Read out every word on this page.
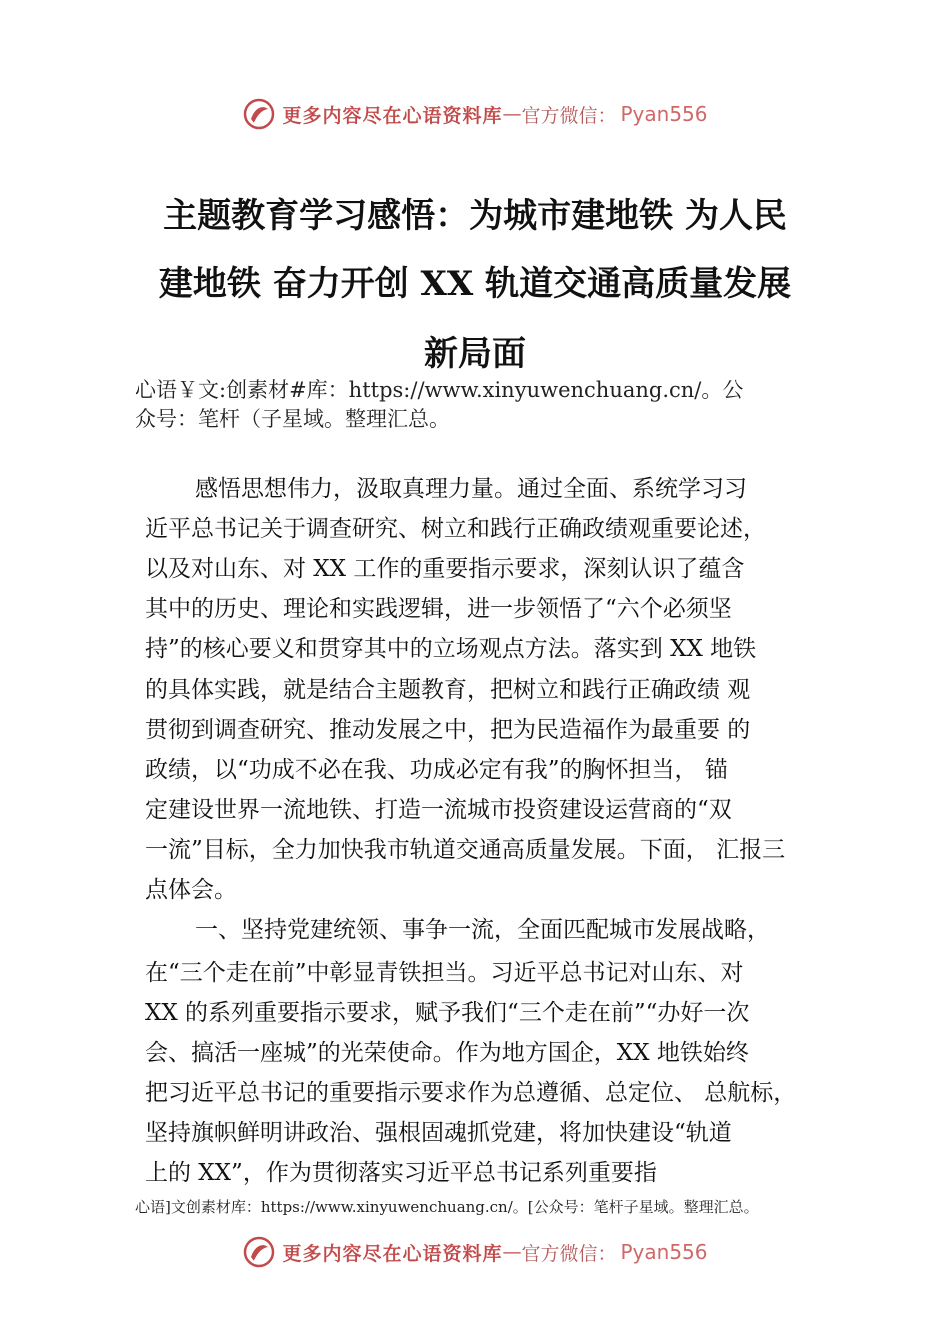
更多内容尽在心语资料库 — 官方微信： Pyan556
主题教育学习感悟：为城市建地铁 为人民
建地铁 奋力开创 XX 轨道交通高质量发展
新局面
心语￥文:创素材#库：https://www.xinyuwenchuang.cn/。公
众号：笔杆（子星域。整理汇总。
感悟思想伟力，汲取真理力量。通过全面、系统学习习
近平总书记关于调查研究、树立和践行正确政绩观重要论述，
以及对山东、对 XX 工作的重要指示要求，深刻认识了蕴含
其中的历史、理论和实践逻辑，进一步领悟了“六个必须坚
持”的核心要义和贯穿其中的立场观点方法。落实到 XX 地铁
的具体实践，就是结合主题教育，把树立和践行正确政绩 观
贯彻到调查研究、推动发展之中，把为民造福作为最重要 的
政绩，以“功成不必在我、功成必定有我”的胸怀担当， 锚
定建设世界一流地铁、打造一流城市投资建设运营商的“双
一流”目标，全力加快我市轨道交通高质量发展。下面， 汇报三
点体会。
一、坚持党建统领、事争一流，全面匹配城市发展战略，
在“三个走在前”中彰显青铁担当。习近平总书记对山东、对
XX 的系列重要指示要求，赋予我们“三个走在前”“办好一次
会、搞活一座城”的光荣使命。作为地方国企，XX 地铁始终
把习近平总书记的重要指示要求作为总遵循、总定位、 总航标，
坚持旗帜鲜明讲政治、强根固魂抓党建，将加快建设“轨道
上的 XX”，作为贯彻落实习近平总书记系列重要指
心语]文创素材库：https://www.xinyuwenchuang.cn/。[公众号：笔杆子星域。整理汇总。
更多内容尽在心语资料库 — 官方微信： Pyan556
